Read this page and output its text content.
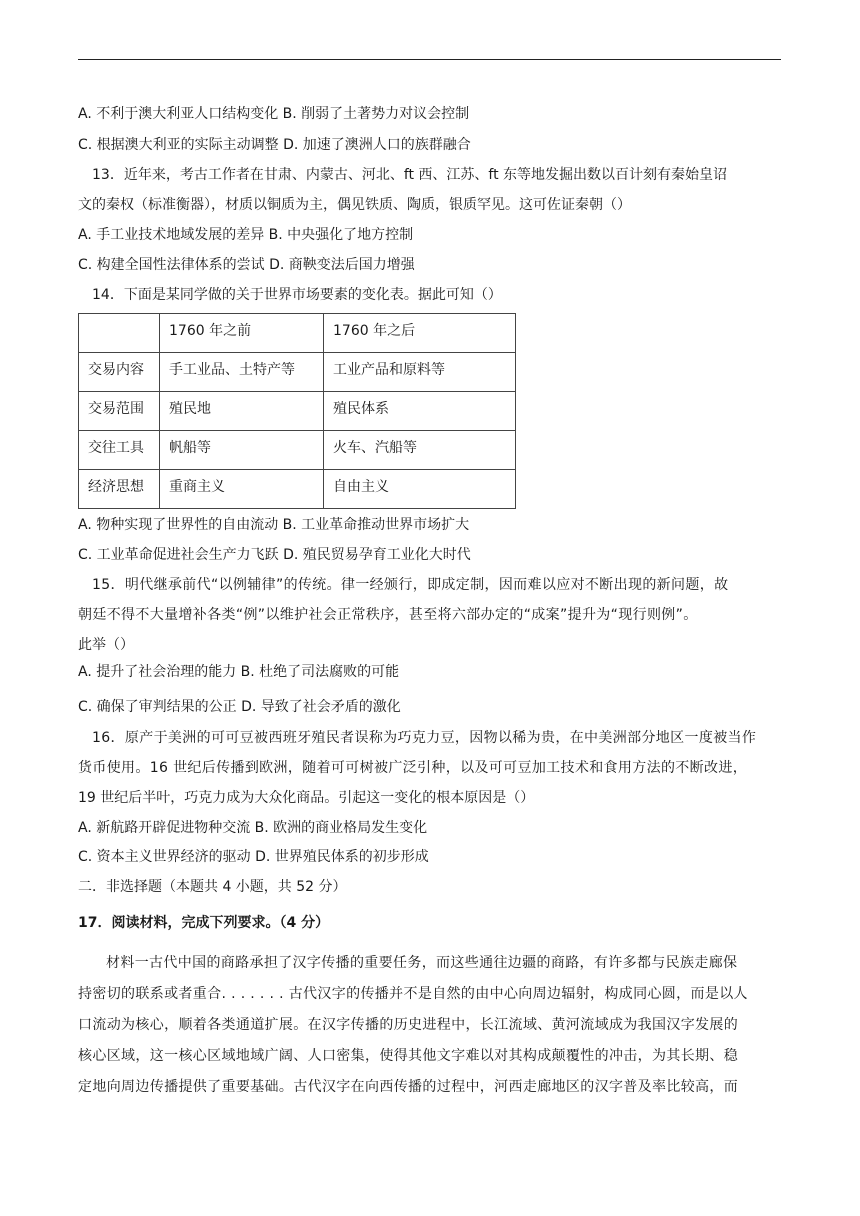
A. 不利于澳大利亚人口结构变化 B. 削弱了土著势力对议会控制
C. 根据澳大利亚的实际主动调整 D. 加速了澳洲人口的族群融合
13．近年来，考古工作者在甘肃、内蒙古、河北、ft 西、江苏、ft 东等地发掘出数以百计刻有秦始皇诏
文的秦权（标准衡器），材质以铜质为主，偶见铁质、陶质，银质罕见。这可佐证秦朝（）
A. 手工业技术地域发展的差异 B. 中央强化了地方控制
C. 构建全国性法律体系的尝试 D. 商鞅变法后国力增强
14．下面是某同学做的关于世界市场要素的变化表。据此可知（）
	1760 年之前	1760 年之后
交易内容	手工业品、土特产等	工业产品和原料等
交易范围	殖民地	殖民体系
交往工具	帆船等	火车、汽船等
经济思想	重商主义	自由主义
A. 物种实现了世界性的自由流动 B. 工业革命推动世界市场扩大
C. 工业革命促进社会生产力飞跃 D. 殖民贸易孕育工业化大时代
15．明代继承前代“以例辅律”的传统。律一经颁行，即成定制，因而难以应对不断出现的新问题，故
朝廷不得不大量增补各类“例”以维护社会正常秩序，甚至将六部办定的“成案”提升为“现行则例”。
此举（）
A. 提升了社会治理的能力 B. 杜绝了司法腐败的可能
C. 确保了审判结果的公正 D. 导致了社会矛盾的激化
16．原产于美洲的可可豆被西班牙殖民者误称为巧克力豆，因物以稀为贵，在中美洲部分地区一度被当作
货币使用。16 世纪后传播到欧洲，随着可可树被广泛引种，以及可可豆加工技术和食用方法的不断改进，
19 世纪后半叶，巧克力成为大众化商品。引起这一变化的根本原因是（）
A. 新航路开辟促进物种交流 B. 欧洲的商业格局发生变化
C. 资本主义世界经济的驱动 D. 世界殖民体系的初步形成
二．非选择题（本题共 4 小题，共 52 分）
17．阅读材料，完成下列要求。（4 分）
材料一古代中国的商路承担了汉字传播的重要任务，而这些通往边疆的商路，有许多都与民族走廊保
持密切的联系或者重合. . . . . . . 古代汉字的传播并不是自然的由中心向周边辐射，构成同心圆，而是以人
口流动为核心，顺着各类通道扩展。在汉字传播的历史进程中，长江流域、黄河流域成为我国汉字发展的
核心区域，这一核心区域地域广阔、人口密集，使得其他文字难以对其构成颠覆性的冲击，为其长期、稳
定地向周边传播提供了重要基础。古代汉字在向西传播的过程中，河西走廊地区的汉字普及率比较高，而
